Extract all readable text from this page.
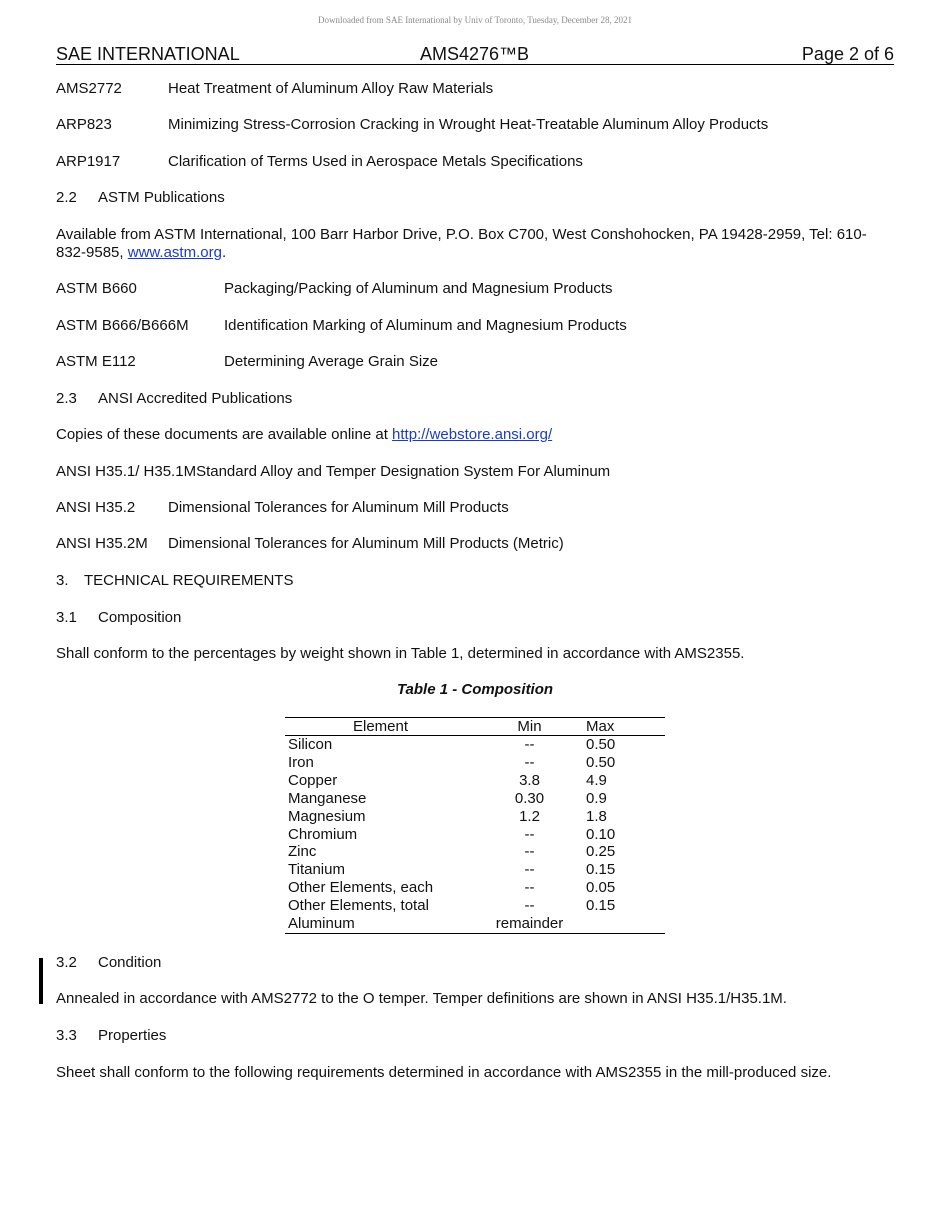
Downloaded from SAE International by Univ of Toronto, Tuesday, December 28, 2021
SAE INTERNATIONAL	AMS4276™B	Page 2 of 6
AMS2772	Heat Treatment of Aluminum Alloy Raw Materials
ARP823	Minimizing Stress-Corrosion Cracking in Wrought Heat-Treatable Aluminum Alloy Products
ARP1917	Clarification of Terms Used in Aerospace Metals Specifications
2.2 ASTM Publications
Available from ASTM International, 100 Barr Harbor Drive, P.O. Box C700, West Conshohocken, PA 19428-2959, Tel: 610-832-9585, www.astm.org.
ASTM B660	Packaging/Packing of Aluminum and Magnesium Products
ASTM B666/B666M Identification Marking of Aluminum and Magnesium Products
ASTM E112	Determining Average Grain Size
2.3 ANSI Accredited Publications
Copies of these documents are available online at http://webstore.ansi.org/
ANSI H35.1/ H35.1MStandard Alloy and Temper Designation System For Aluminum
ANSI H35.2 Dimensional Tolerances for Aluminum Mill Products
ANSI H35.2M Dimensional Tolerances for Aluminum Mill Products (Metric)
3. TECHNICAL REQUIREMENTS
3.1 Composition
Shall conform to the percentages by weight shown in Table 1, determined in accordance with AMS2355.
Table 1 - Composition
Element	Min	Max
Silicon	--	0.50
Iron	--	0.50
Copper	3.8	4.9
Manganese	0.30	0.9
Magnesium	1.2	1.8
Chromium	--	0.10
Zinc	--	0.25
Titanium	--	0.15
Other Elements, each	--	0.05
Other Elements, total	--	0.15
Aluminum	remainder	
3.2 Condition
Annealed in accordance with AMS2772 to the O temper. Temper definitions are shown in ANSI H35.1/H35.1M.
3.3 Properties
Sheet shall conform to the following requirements determined in accordance with AMS2355 in the mill-produced size.
